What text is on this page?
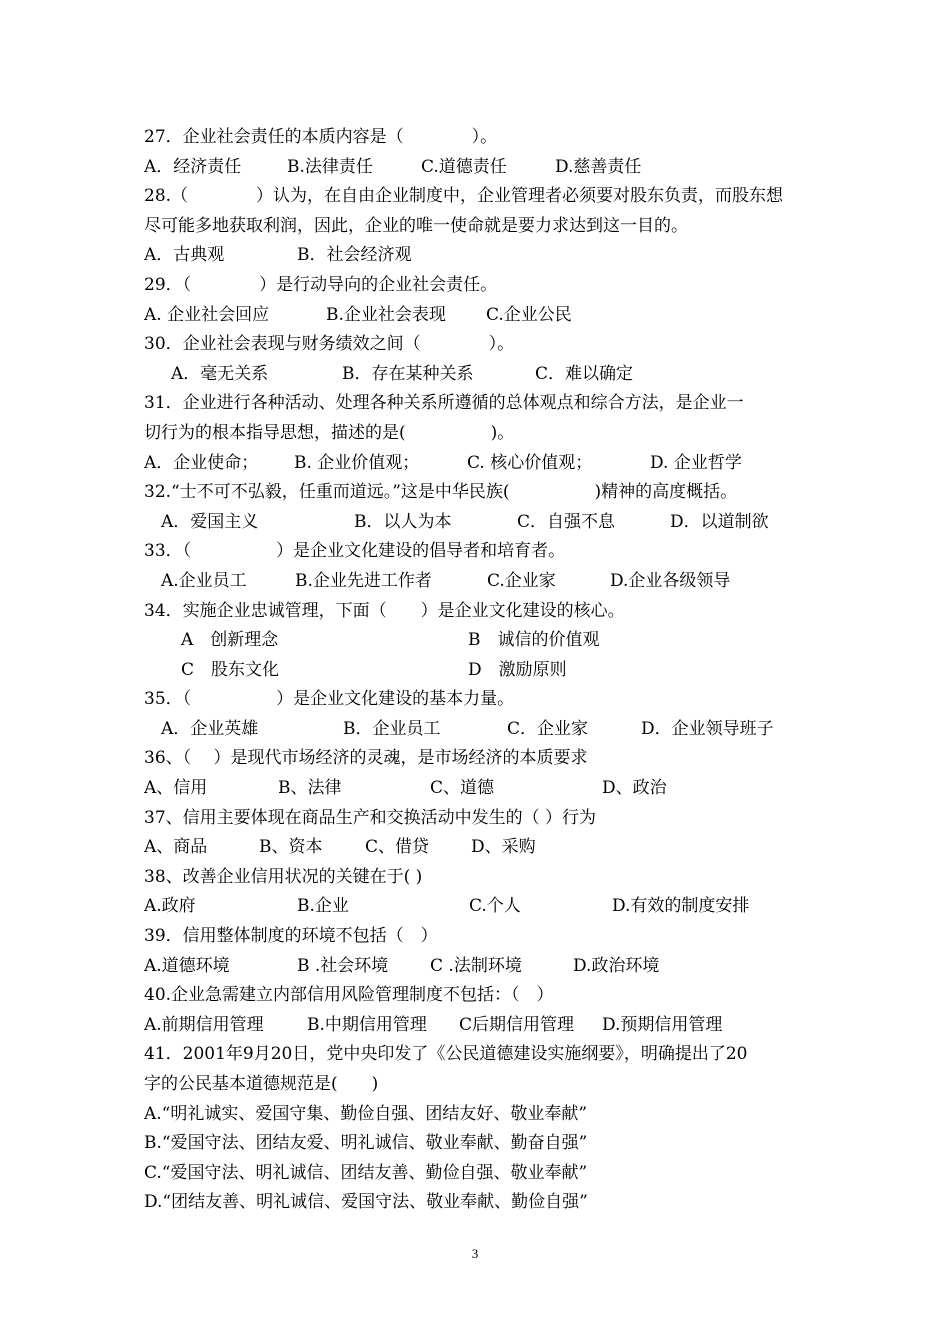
27．企业社会责任的本质内容是（　　　　）。
A．经济责任	B.法律责任	C.道德责任	D.慈善责任
28.（　　　　）认为，在自由企业制度中，企业管理者必须要对股东负责，而股东想
尽可能多地获取利润，因此，企业的唯一使命就是要力求达到这一目的。
A．古典观	B．社会经济观
29．（　　　　）是行动导向的企业社会责任。
A. 企业社会回应	B.企业社会表现	C.企业公民
30．企业社会表现与财务绩效之间（　　　　）。
A．毫无关系	B．存在某种关系	C．难以确定
31．企业进行各种活动、处理各种关系所遵循的总体观点和综合方法，是企业一
切行为的根本指导思想，描述的是(　　　　　)。
A．企业使命；	B. 企业价值观；	C. 核心价值观；	D. 企业哲学
32.“士不可不弘毅，任重而道远。”这是中华民族(　　　　　)精神的高度概括。
A．爱国主义	B．以人为本	C．自强不息	D．以道制欲
33．（　　　　　）是企业文化建设的倡导者和培育者。
A.企业员工	B.企业先进工作者	C.企业家	D.企业各级领导
34．实施企业忠诚管理，下面（　　）是企业文化建设的核心。
A　创新理念	B　诚信的价值观
C　股东文化	D　激励原则
35．（　　　　　）是企业文化建设的基本力量。
A．企业英雄	B．企业员工	C．企业家	D．企业领导班子
36、（　 ）是现代市场经济的灵魂，是市场经济的本质要求
A、信用	B、法律	C、道德	D、政治
37、信用主要体现在商品生产和交换活动中发生的（ ）行为
A、商品	B、资本	C、借贷	D、采购
38、改善企业信用状况的关键在于( )
A.政府	B.企业	C.个人	D.有效的制度安排
39．信用整体制度的环境不包括（　）
A.道德环境	B .社会环境	C .法制环境	D.政治环境
40.企业急需建立内部信用风险管理制度不包括：（　）
A.前期信用管理	B.中期信用管理	C后期信用管理	D.预期信用管理
41．2001年9月20日，党中央印发了《公民道德建设实施纲要》，明确提出了20
字的公民基本道德规范是(　　)
A.“明礼诚实、爱国守集、勤俭自强、团结友好、敬业奉献”
B.“爱国守法、团结友爱、明礼诚信、敬业奉献、勤奋自强”
C.“爱国守法、明礼诚信、团结友善、勤俭自强、敬业奉献”
D.“团结友善、明礼诚信、爱国守法、敬业奉献、勤俭自强”
3
